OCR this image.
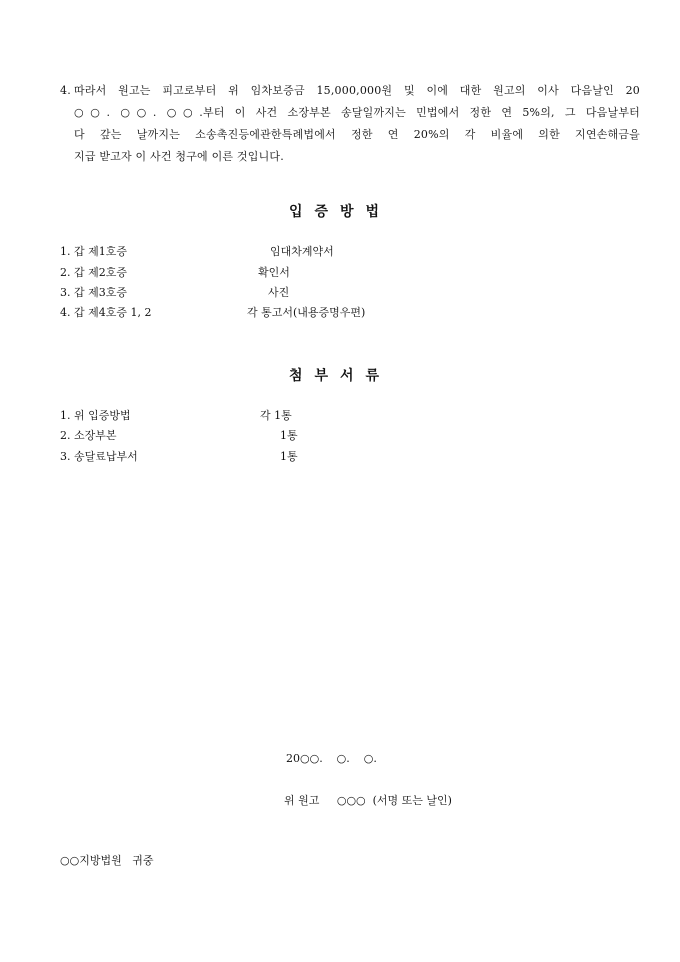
4. 따라서 원고는 피고로부터 위 임차보증금 15,000,000원 및 이에 대한 원고의 이사 다음날인 20
○○. ○○. ○○.부터 이 사건 소장부본 송달일까지는 민법에서 정한 연 5%의, 그 다음날부터
다 갚는 날까지는 소송촉진등에관한특례법에서 정한 연 20%의 각 비율에 의한 지연손해금을
지급 받고자 이 사건 청구에 이른 것입니다.
입증방법
1. 갑 제1호증	임대차계약서
2. 갑 제2호증	확인서
3. 갑 제3호증	사진
4. 갑 제4호증 1, 2	각 통고서(내용증명우편)
첨부서류
1. 위 입증방법	각 1통
2. 소장부본	1통
3. 송달료납부서	1통
20○○.    ○.    ○.
위 원고     ○○○  (서명 또는 날인)
○○지방법원   귀중
